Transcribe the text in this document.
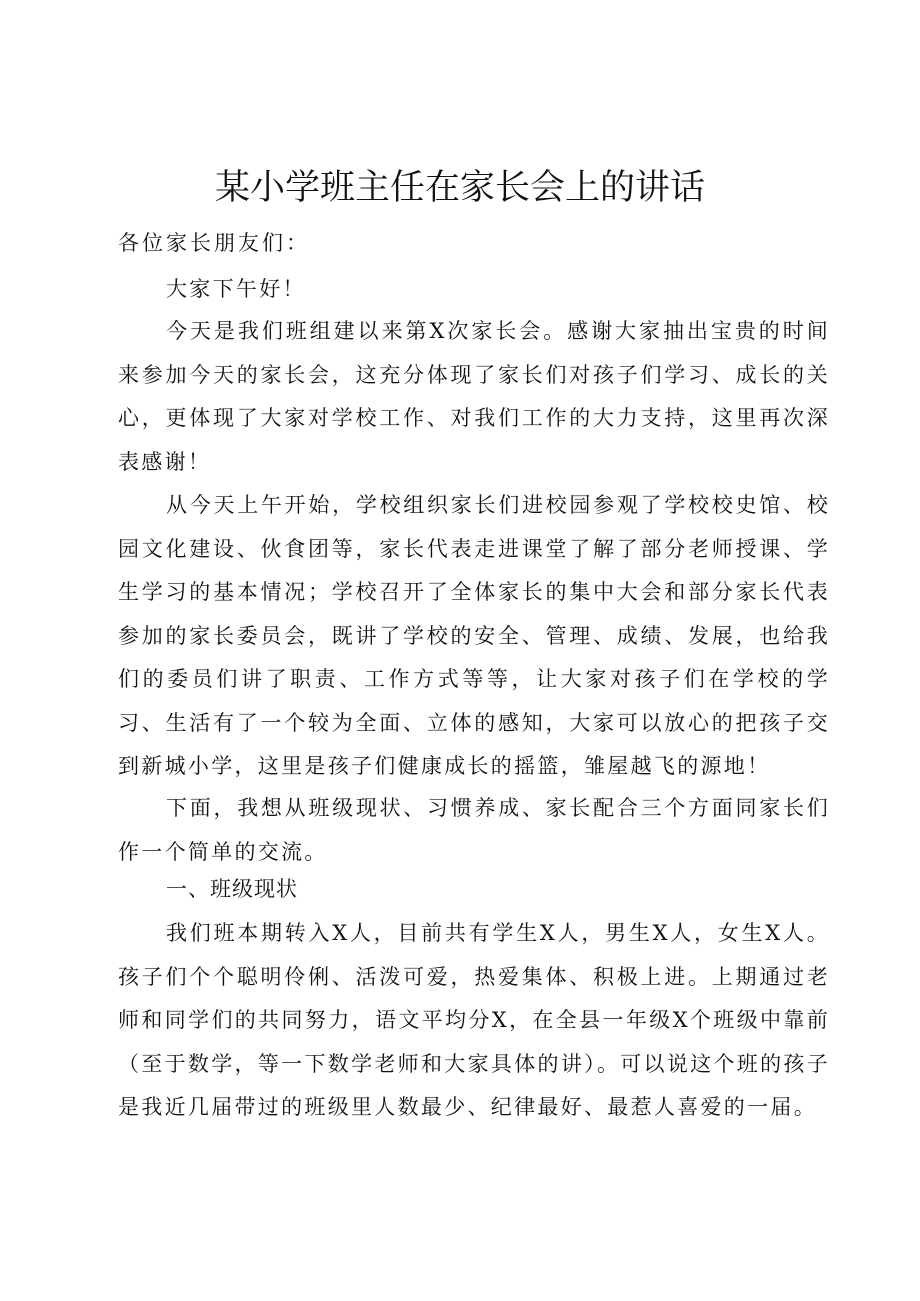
某小学班主任在家长会上的讲话
各位家长朋友们：

大家下午好！

今天是我们班组建以来第X次家长会。感谢大家抽出宝贵的时间来参加今天的家长会，这充分体现了家长们对孩子们学习、成长的关心，更体现了大家对学校工作、对我们工作的大力支持，这里再次深表感谢！

从今天上午开始，学校组织家长们进校园参观了学校校史馆、校园文化建设、伙食团等，家长代表走进课堂了解了部分老师授课、学生学习的基本情况；学校召开了全体家长的集中大会和部分家长代表参加的家长委员会，既讲了学校的安全、管理、成绩、发展，也给我们的委员们讲了职责、工作方式等等，让大家对孩子们在学校的学习、生活有了一个较为全面、立体的感知，大家可以放心的把孩子交到新城小学，这里是孩子们健康成长的摇篮，雏屋越飞的源地！

下面，我想从班级现状、习惯养成、家长配合三个方面同家长们作一个简单的交流。

一、班级现状

我们班本期转入X人，目前共有学生X人，男生X人，女生X人。孩子们个个聪明伶俐、活泼可爱，热爱集体、积极上进。上期通过老师和同学们的共同努力，语文平均分X，在全县一年级X个班级中靠前（至于数学，等一下数学老师和大家具体的讲）。可以说这个班的孩子是我近几届带过的班级里人数最少、纪律最好、最惹人喜爱的一届。
